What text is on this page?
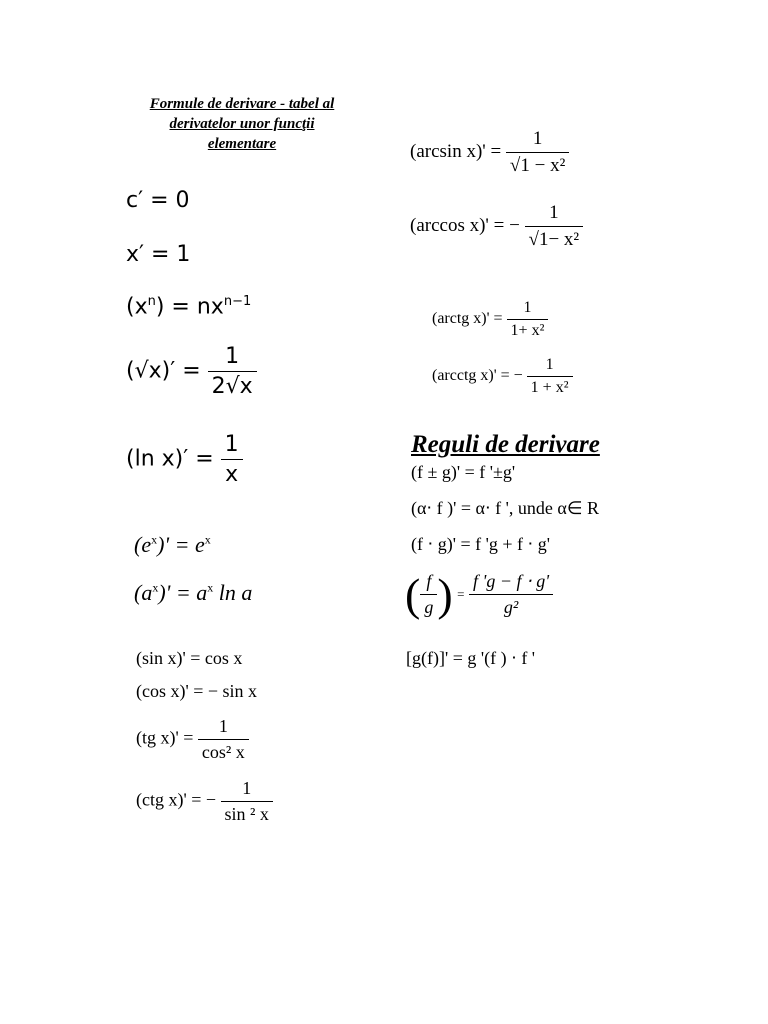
Formule de derivare - tabel al
derivatelor unor funcţii
elementare
c′ = 0
x′ = 1
$(x^n) = nx^{n-1}$
$(√x)' = \frac{1}{2√x}$
(ln $x)' = \frac{1}{x}$
$(e^x)' = e^x$
$(a^x)' = a^x$ ln a
(sin x)' = cos x
(cos x)' = − sin x
(tg $x)' = \frac{1}{\text{cos² x}}$
(ctg x)' = − $\frac{1}{\text{sin ² x}}$
(arcsin $x)' = \frac{1}{\text{√1 − x²}}$
(arccos x)' = − $\frac{1}{\text{√1− x²}}$
(arctg $x)' = \frac{1}{\text{1+ x²}}$
(arcctg x)' = − $\frac{1}{\text{1 + x²}}$
Reguli de derivare
(f ± g)' = f '±g'
(α⋅ f )' = α⋅ f ', unde α∈ R
(f ⋅ g)' = f 'g + f ⋅ g'
( $\frac{f}{g}$ ) = $\frac{f 'g - f \cdot g'}{\text{g²}}$
[g(f)]' = g '(f ) ⋅ f '
